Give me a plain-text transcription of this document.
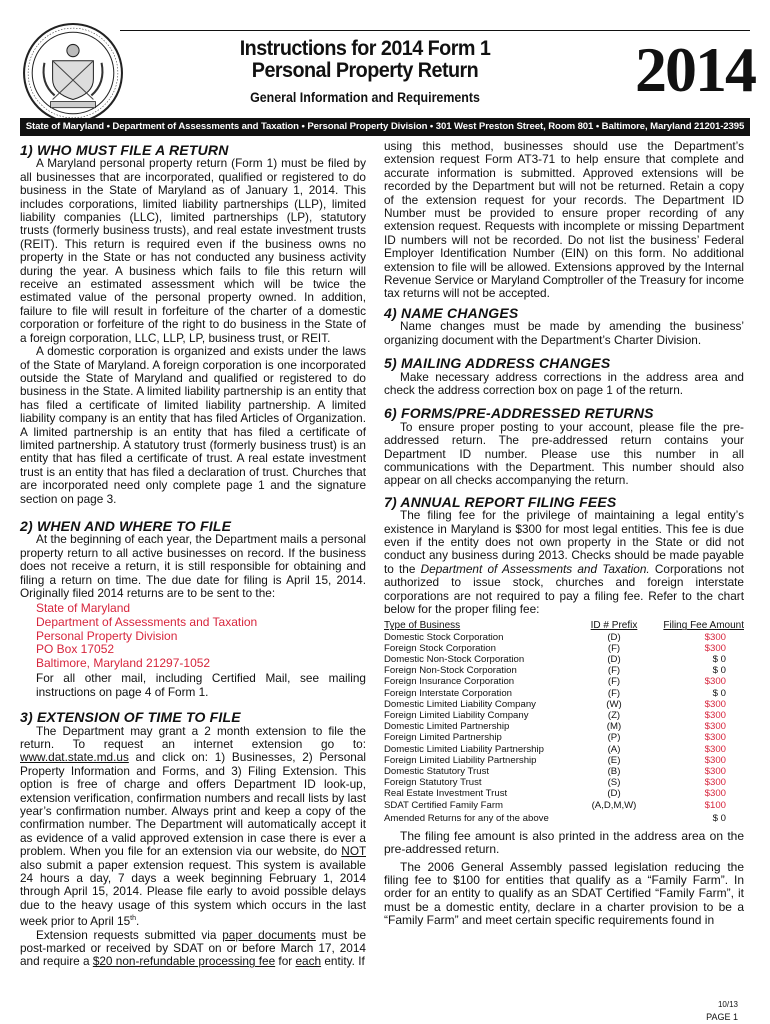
Instructions for 2014 Form 1
Personal Property Return
General Information and Requirements	2014
State of Maryland • Department of Assessments and Taxation • Personal Property Division • 301 West Preston Street, Room 801 • Baltimore, Maryland 21201-2395
1) WHO MUST FILE A RETURN

A Maryland personal property return (Form 1) must be filed by all businesses that are incorporated, qualified or registered to do business in the State of Maryland as of January 1, 2014. This includes corporations, limited liability partnerships (LLP), limited liability companies (LLC), limited partnerships (LP), statutory trusts (formerly business trusts), and real estate investment trusts (REIT). This return is required even if the business owns no property in the State or has not conducted any business activity during the year. A business which fails to file this return will receive an estimated assessment which will be twice the estimated value of the personal property owned. In addition, failure to file will result in forfeiture of the charter of a domestic corporation or forfeiture of the right to do business in the State of a foreign corporation, LLC, LLP, LP, business trust, or REIT.

A domestic corporation is organized and exists under the laws of the State of Maryland. A foreign corporation is one incorporated outside the State of Maryland and qualified or registered to do business in the State. A limited liability partnership is an entity that has filed a certificate of limited liability partnership. A limited liability company is an entity that has filed Articles of Organization. A limited partnership is an entity that has filed a certificate of limited partnership. A statutory trust (formerly business trust) is an entity that has filed a certificate of trust. A real estate investment trust is an entity that has filed a declaration of trust. Churches that are incorporated need only complete page 1 and the signature section on page 3.

2) WHEN AND WHERE TO FILE

At the beginning of each year, the Department mails a personal property return to all active businesses on record. If the business does not receive a return, it is still responsible for obtaining and filing a return on time. The due date for filing is April 15, 2014. Originally filed 2014 returns are to be sent to the:

State of Maryland
Department of Assessments and Taxation
Personal Property Division
PO Box 17052
Baltimore, Maryland 21297-1052

For all other mail, including Certified Mail, see mailing instructions on page 4 of Form 1.

3) EXTENSION OF TIME TO FILE

The Department may grant a 2 month extension to file the return. To request an internet extension go to: www.dat.state.md.us and click on: 1) Businesses, 2) Personal Property Information and Forms, and 3) Filing Extension. This option is free of charge and offers Department ID look-up, extension verification, confirmation numbers and recall lists by last year’s confirmation number. Always print and keep a copy of the confirmation number. The Department will automatically accept it as evidence of a valid approved extension in case there is ever a problem. When you file for an extension via our website, do NOT also submit a paper extension request. This system is available 24 hours a day, 7 days a week beginning February 1, 2014 through April 15, 2014. Please file early to avoid possible delays due to the heavy usage of this system which occurs in the last week prior to April 15th.

Extension requests submitted via paper documents must be post-marked or received by SDAT on or before March 17, 2014 and require a $20 non-refundable processing fee for each entity. If

using this method, businesses should use the Department’s extension request Form AT3-71 to help ensure that complete and accurate information is submitted. Approved extensions will be recorded by the Department but will not be returned. Retain a copy of the extension request for your records. The Department ID Number must be provided to ensure proper recording of any extension request. Requests with incomplete or missing Department ID numbers will not be recorded. Do not list the business’ Federal Employer Identification Number (EIN) on this form. No additional extension to file will be allowed. Extensions approved by the Internal Revenue Service or Maryland Comptroller of the Treasury for income tax returns will not be accepted.

4) NAME CHANGES

Name changes must be made by amending the business’ organizing document with the Department’s Charter Division.

5) MAILING ADDRESS CHANGES

Make necessary address corrections in the address area and check the address correction box on page 1 of the return.

6) FORMS/PRE-ADDRESSED RETURNS

To ensure proper posting to your account, please file the pre-addressed return. The pre-addressed return contains your Department ID number. Please use this number in all communications with the Department. This number should also appear on all checks accompanying the return.

7) ANNUAL REPORT FILING FEES

The filing fee for the privilege of maintaining a legal entity’s existence in Maryland is $300 for most legal entities. This fee is due even if the entity does not own property in the State or did not conduct any business during 2013. Checks should be made payable to the Department of Assessments and Taxation. Corporations not authorized to issue stock, churches and foreign interstate corporations are not required to pay a filing fee. Refer to the chart below for the proper filing fee:

Type of Business	ID # Prefix	Filing Fee Amount
Domestic Stock Corporation	(D)	$300
Foreign Stock Corporation	(F)	$300
Domestic Non-Stock Corporation	(D)	$ 0
Foreign Non-Stock Corporation	(F)	$ 0
Foreign Insurance Corporation	(F)	$300
Foreign Interstate Corporation	(F)	$ 0
Domestic Limited Liability Company	(W)	$300
Foreign Limited Liability Company	(Z)	$300
Domestic Limited Partnership	(M)	$300
Foreign Limited Partnership	(P)	$300
Domestic Limited Liability Partnership	(A)	$300
Foreign Limited Liability Partnership	(E)	$300
Domestic Statutory Trust	(B)	$300
Foreign Statutory Trust	(S)	$300
Real Estate Investment Trust	(D)	$300
SDAT Certified Family Farm	(A,D,M,W)	$100
Amended Returns for any of the above		$ 0

The filing fee amount is also printed in the address area on the pre-addressed return.

The 2006 General Assembly passed legislation reducing the filing fee to $100 for entities that qualify as a “Family Farm”. In order for an entity to qualify as an SDAT Certified “Family Farm”, it must be a domestic entity, declare in a charter provision to be a “Family Farm” and meet certain specific requirements found in

10/13
PAGE 1
